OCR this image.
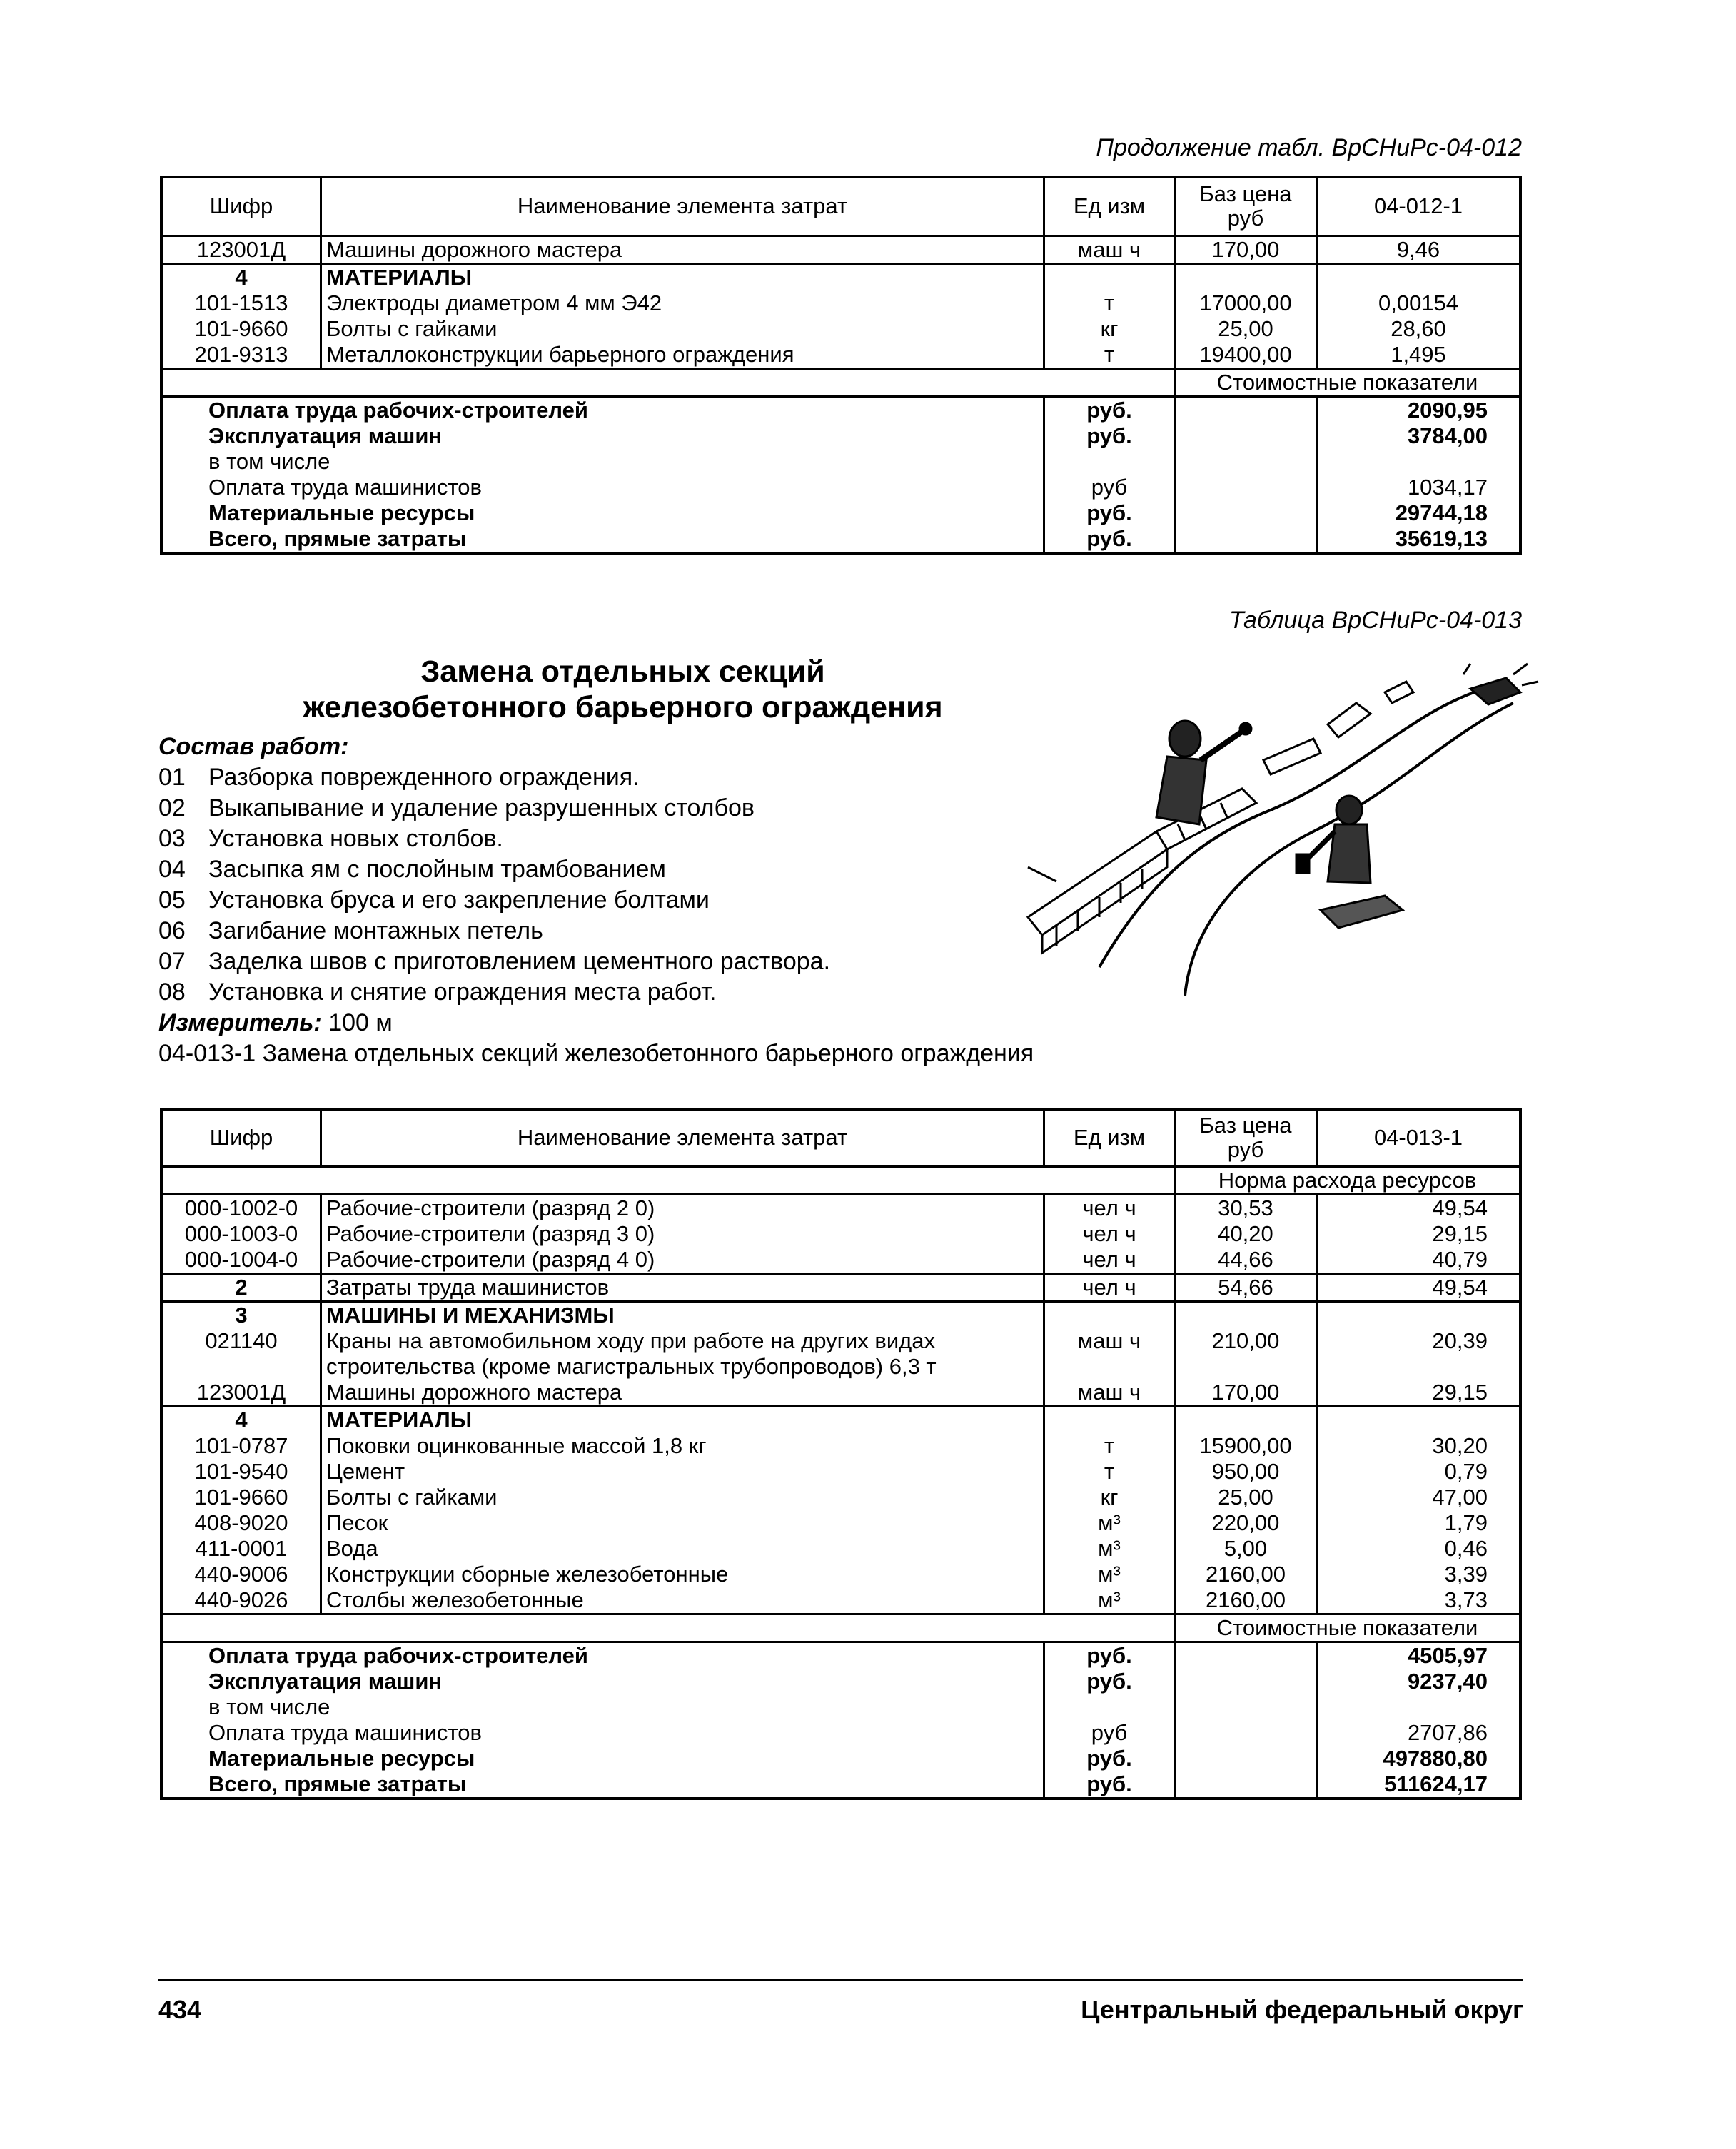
Продолжение табл. ВрСНиРс-04-012
Шифр	Наименование элемента затрат	Ед изм	Баз цена руб	04-012-1
123001Д	Машины дорожного мастера	маш ч	170,00	9,46
4	МАТЕРИАЛЫ			
101-1513	Электроды диаметром 4 мм Э42	т	17000,00	0,00154
101-9660	Болты с гайками	кг	25,00	28,60
201-9313	Металлоконструкции барьерного ограждения	т	19400,00	1,495
			Стоимостные показатели	
Оплата труда рабочих-строителей		руб.		2090,95
Эксплуатация машин		руб.		3784,00
в том числе				
Оплата труда машинистов		руб		1034,17
Материальные ресурсы		руб.		29744,18
Всего, прямые затраты		руб.		35619,13
Таблица ВрСНиРс-04-013
Замена отдельных секций
железобетонного барьерного ограждения
Состав работ:
01 Разборка поврежденного ограждения.
02 Выкапывание и удаление разрушенных столбов
03 Установка новых столбов.
04 Засыпка ям с послойным трамбованием
05 Установка бруса и его закрепление болтами
06 Загибание монтажных петель
07 Заделка швов с приготовлением цементного раствора.
08 Установка и снятие ограждения места работ.
Измеритель: 100 м
04-013-1 Замена отдельных секций железобетонного барьерного ограждения
Шифр	Наименование элемента затрат	Ед изм	Баз цена руб	04-013-1
			Норма расхода ресурсов	
000-1002-0	Рабочие-строители (разряд 2 0)	чел ч	30,53	49,54
000-1003-0	Рабочие-строители (разряд 3 0)	чел ч	40,20	29,15
000-1004-0	Рабочие-строители (разряд 4 0)	чел ч	44,66	40,79
2	Затраты труда машинистов	чел ч	54,66	49,54
3	МАШИНЫ И МЕХАНИЗМЫ			
021140	Краны на автомобильном ходу при работе на других видах строительства (кроме магистральных трубопроводов) 6,3 т	маш ч	210,00	20,39
123001Д	Машины дорожного мастера	маш ч	170,00	29,15
4	МАТЕРИАЛЫ			
101-0787	Поковки оцинкованные массой 1,8 кг	т	15900,00	30,20
101-9540	Цемент	т	950,00	0,79
101-9660	Болты с гайками	кг	25,00	47,00
408-9020	Песок	м³	220,00	1,79
411-0001	Вода	м³	5,00	0,46
440-9006	Конструкции сборные железобетонные	м³	2160,00	3,39
440-9026	Столбы железобетонные	м³	2160,00	3,73
			Стоимостные показатели	
Оплата труда рабочих-строителей		руб.		4505,97
Эксплуатация машин		руб.		9237,40
в том числе				
Оплата труда машинистов		руб		2707,86
Материальные ресурсы		руб.		497880,80
Всего, прямые затраты		руб.		511624,17
434	Центральный федеральный округ
